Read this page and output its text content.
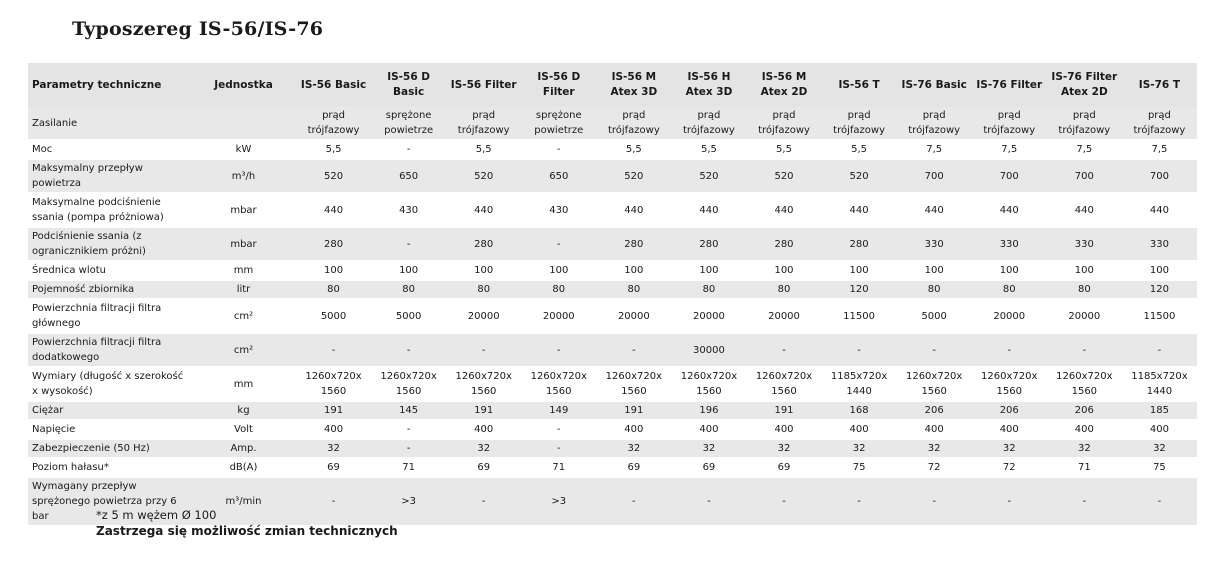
Typoszereg IS-56/IS-76
Parametry techniczne	Jednostka	IS-56 Basic	IS-56 D Basic	IS-56 Filter	IS-56 D Filter	IS-56 M Atex 3D	IS-56 H Atex 3D	IS-56 M Atex 2D	IS-56 T	IS-76 Basic	IS-76 Filter	IS-76 Filter Atex 2D	IS-76 T
Zasilanie		prąd trójfazowy	sprężone powietrze	prąd trójfazowy	sprężone powietrze	prąd trójfazowy	prąd trójfazowy	prąd trójfazowy	prąd trójfazowy	prąd trójfazowy	prąd trójfazowy	prąd trójfazowy	prąd trójfazowy
Moc	kW	5,5	-	5,5	-	5,5	5,5	5,5	5,5	7,5	7,5	7,5	7,5
Maksymalny przepływ powietrza	m³/h	520	650	520	650	520	520	520	520	700	700	700	700
Maksymalne podciśnienie ssania (pompa próżniowa)	mbar	440	430	440	430	440	440	440	440	440	440	440	440
Podciśnienie ssania (z ogranicznikiem próżni)	mbar	280	-	280	-	280	280	280	280	330	330	330	330
Średnica wlotu	mm	100	100	100	100	100	100	100	100	100	100	100	100
Pojemność zbiornika	litr	80	80	80	80	80	80	80	120	80	80	80	120
Powierzchnia filtracji filtra głównego	cm²	5000	5000	20000	20000	20000	20000	20000	11500	5000	20000	20000	11500
Powierzchnia filtracji filtra dodatkowego	cm²	-	-	-	-	-	30000	-	-	-	-	-	-
Wymiary (długość x szerokość x wysokość)	mm	1260x720x 1560	1260x720x 1560	1260x720x 1560	1260x720x 1560	1260x720x 1560	1260x720x 1560	1260x720x 1560	1185x720x 1440	1260x720x 1560	1260x720x 1560	1260x720x 1560	1185x720x 1440
Ciężar	kg	191	145	191	149	191	196	191	168	206	206	206	185
Napięcie	Volt	400	-	400	-	400	400	400	400	400	400	400	400
Zabezpieczenie (50 Hz)	Amp.	32	-	32	-	32	32	32	32	32	32	32	32
Poziom hałasu*	dB(A)	69	71	69	71	69	69	69	75	72	72	71	75
Wymagany przepływ sprężonego powietrza przy 6 bar	m³/min	-	>3	-	>3	-	-	-	-	-	-	-	-
*z 5 m wężem Ø 100
Zastrzega się możliwość zmian technicznych
